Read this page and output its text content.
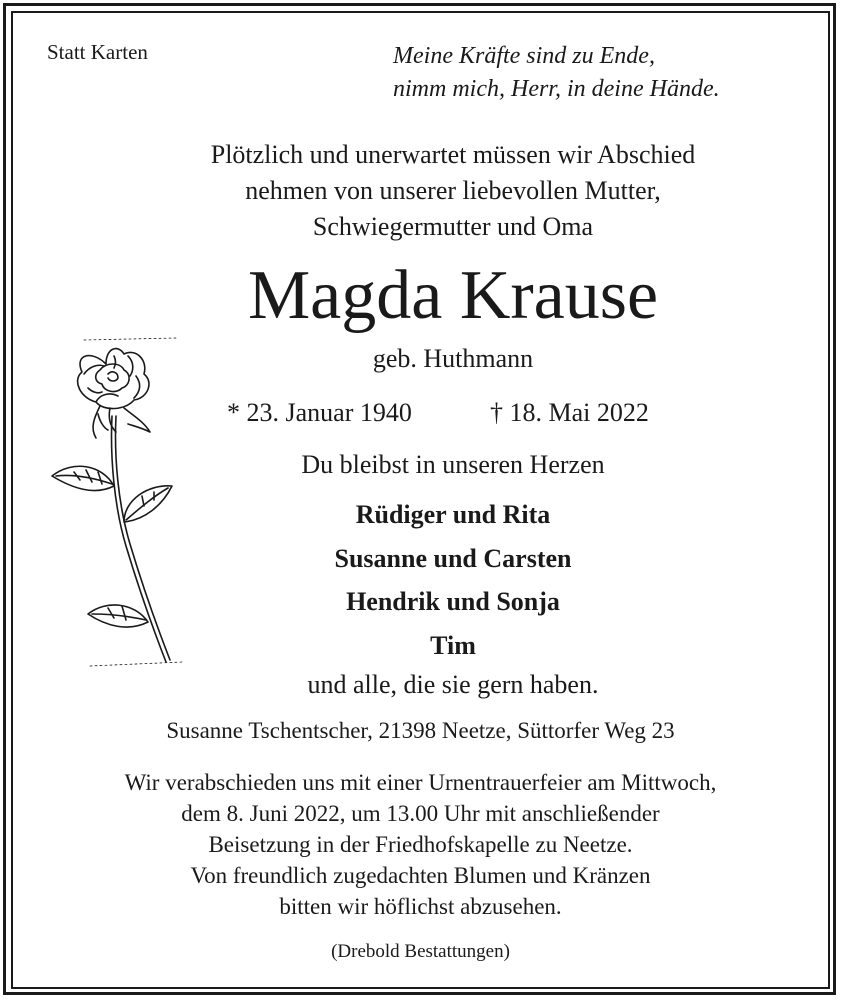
Statt Karten	Meine Kräfte sind zu Ende,
nimm mich, Herr, in deine Hände.
Plötzlich und unerwartet müssen wir Abschied
nehmen von unserer liebevollen Mutter,
Schwiegermutter und Oma
Magda Krause
geb. Huthmann
* 23. Januar 1940	† 18. Mai 2022
Du bleibst in unseren Herzen
Rüdiger und Rita
Susanne und Carsten
Hendrik und Sonja
Tim
und alle, die sie gern haben.
Susanne Tschentscher, 21398 Neetze, Süttorfer Weg 23
Wir verabschieden uns mit einer Urnentrauerfeier am Mittwoch,
dem 8. Juni 2022, um 13.00 Uhr mit anschließender
Beisetzung in der Friedhofskapelle zu Neetze.
Von freundlich zugedachten Blumen und Kränzen
bitten wir höflichst abzusehen.
(Drebold Bestattungen)
